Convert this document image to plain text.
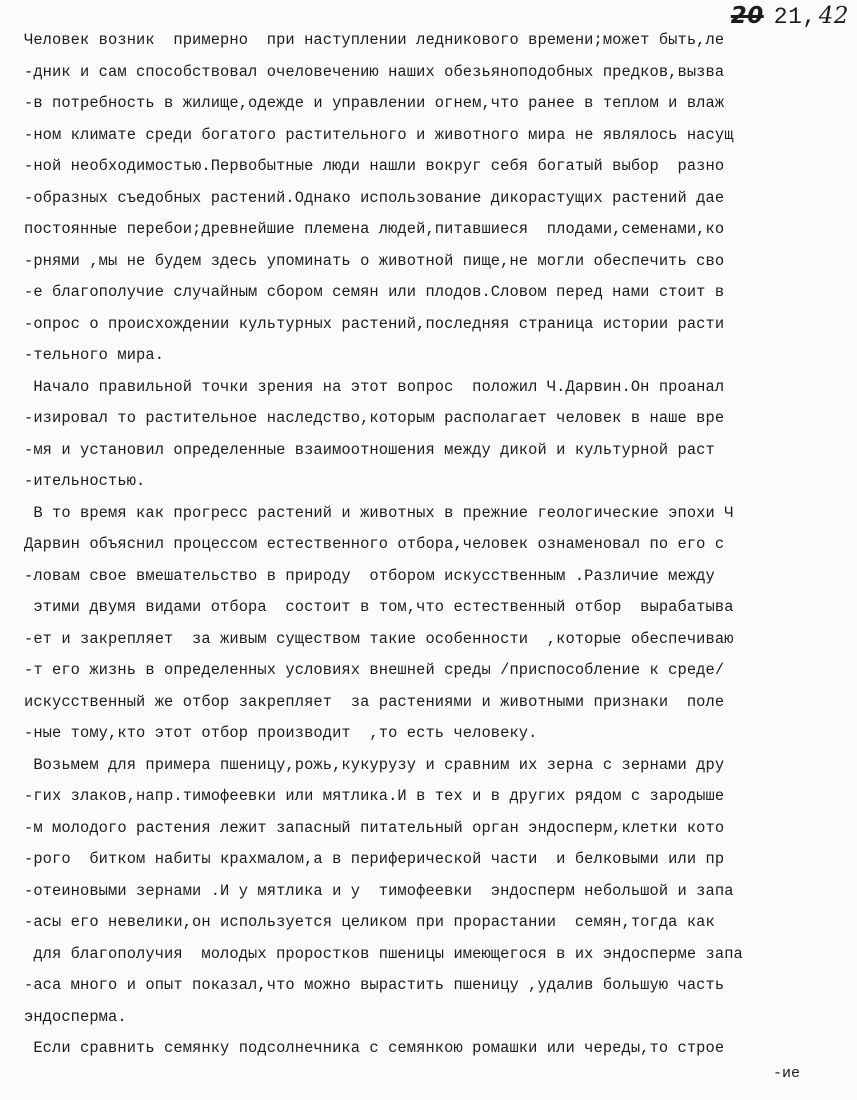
20 21,42
Человек возник  примерно  при наступлении ледникового времени;может быть,ле
-дник и сам способствовал очеловечению наших обезьяноподобных предков,вызва
-в потребность в жилище,одежде и управлении огнем,что ранее в теплом и влаж
-ном климате среди богатого растительного и животного мира не являлось насущ
-ной необходимостью.Первобытные люди нашли вокруг себя богатый выбор  разно
-образных съедобных растений.Однако использование дикорастущих растений дае
постоянные перебои;древнейшие племена людей,питавшиеся  плодами,семенами,ко
-рнями ,мы не будем здесь упоминать о животной пище,не могли обеспечить сво
-е благополучие случайным сбором семян или плодов.Словом перед нами стоит в
-опрос о происхождении культурных растений,последняя страница истории расти
-тельного мира.
Начало правильной точки зрения на этот вопрос  положил Ч.Дарвин.Он проанал
-изировал то растительное наследство,которым располагает человек в наше вре
-мя и установил определенные взаимоотношения между дикой и культурной раст
-ительностью.
В то время как прогресс растений и животных в прежние геологические эпохи Ч
Дарвин объяснил процессом естественного отбора,человек ознаменовал по его с
-ловам свое вмешательство в природу  отбором искусственным .Различие между
этими двумя видами отбора  состоит в том,что естественный отбор  вырабатыва
-ет и закрепляет  за живым существом такие особенности  ,которые обеспечиваю
-т его жизнь в определенных условиях внешней среды /приспособление к среде/
искусственный же отбор закрепляет  за растениями и животными признаки  поле
-ные тому,кто этот отбор производит  ,то есть человеку.
Возьмем для примера пшеницу,рожь,кукурузу и сравним их зерна с зернами дру
-гих злаков,напр.тимофеевки или мятлика.И в тех и в других рядом с зародыше
-м молодого растения лежит запасный питательный орган эндосперм,клетки кото
-рого  битком набиты крахмалом,а в периферической части  и белковыми или пр
-отеиновыми зернами .И у мятлика и у  тимофеевки  эндосперм небольшой и запа
-асы его невелики,он используется целиком при прорастании  семян,тогда как
для благополучия  молодых проростков пшеницы имеющегося в их эндосперме запа
-аса много и опыт показал,что можно вырастить пшеницу ,удалив большую часть
эндосперма.
Если сравнить семянку подсолнечника с семянкою ромашки или череды,то строе
-ие
